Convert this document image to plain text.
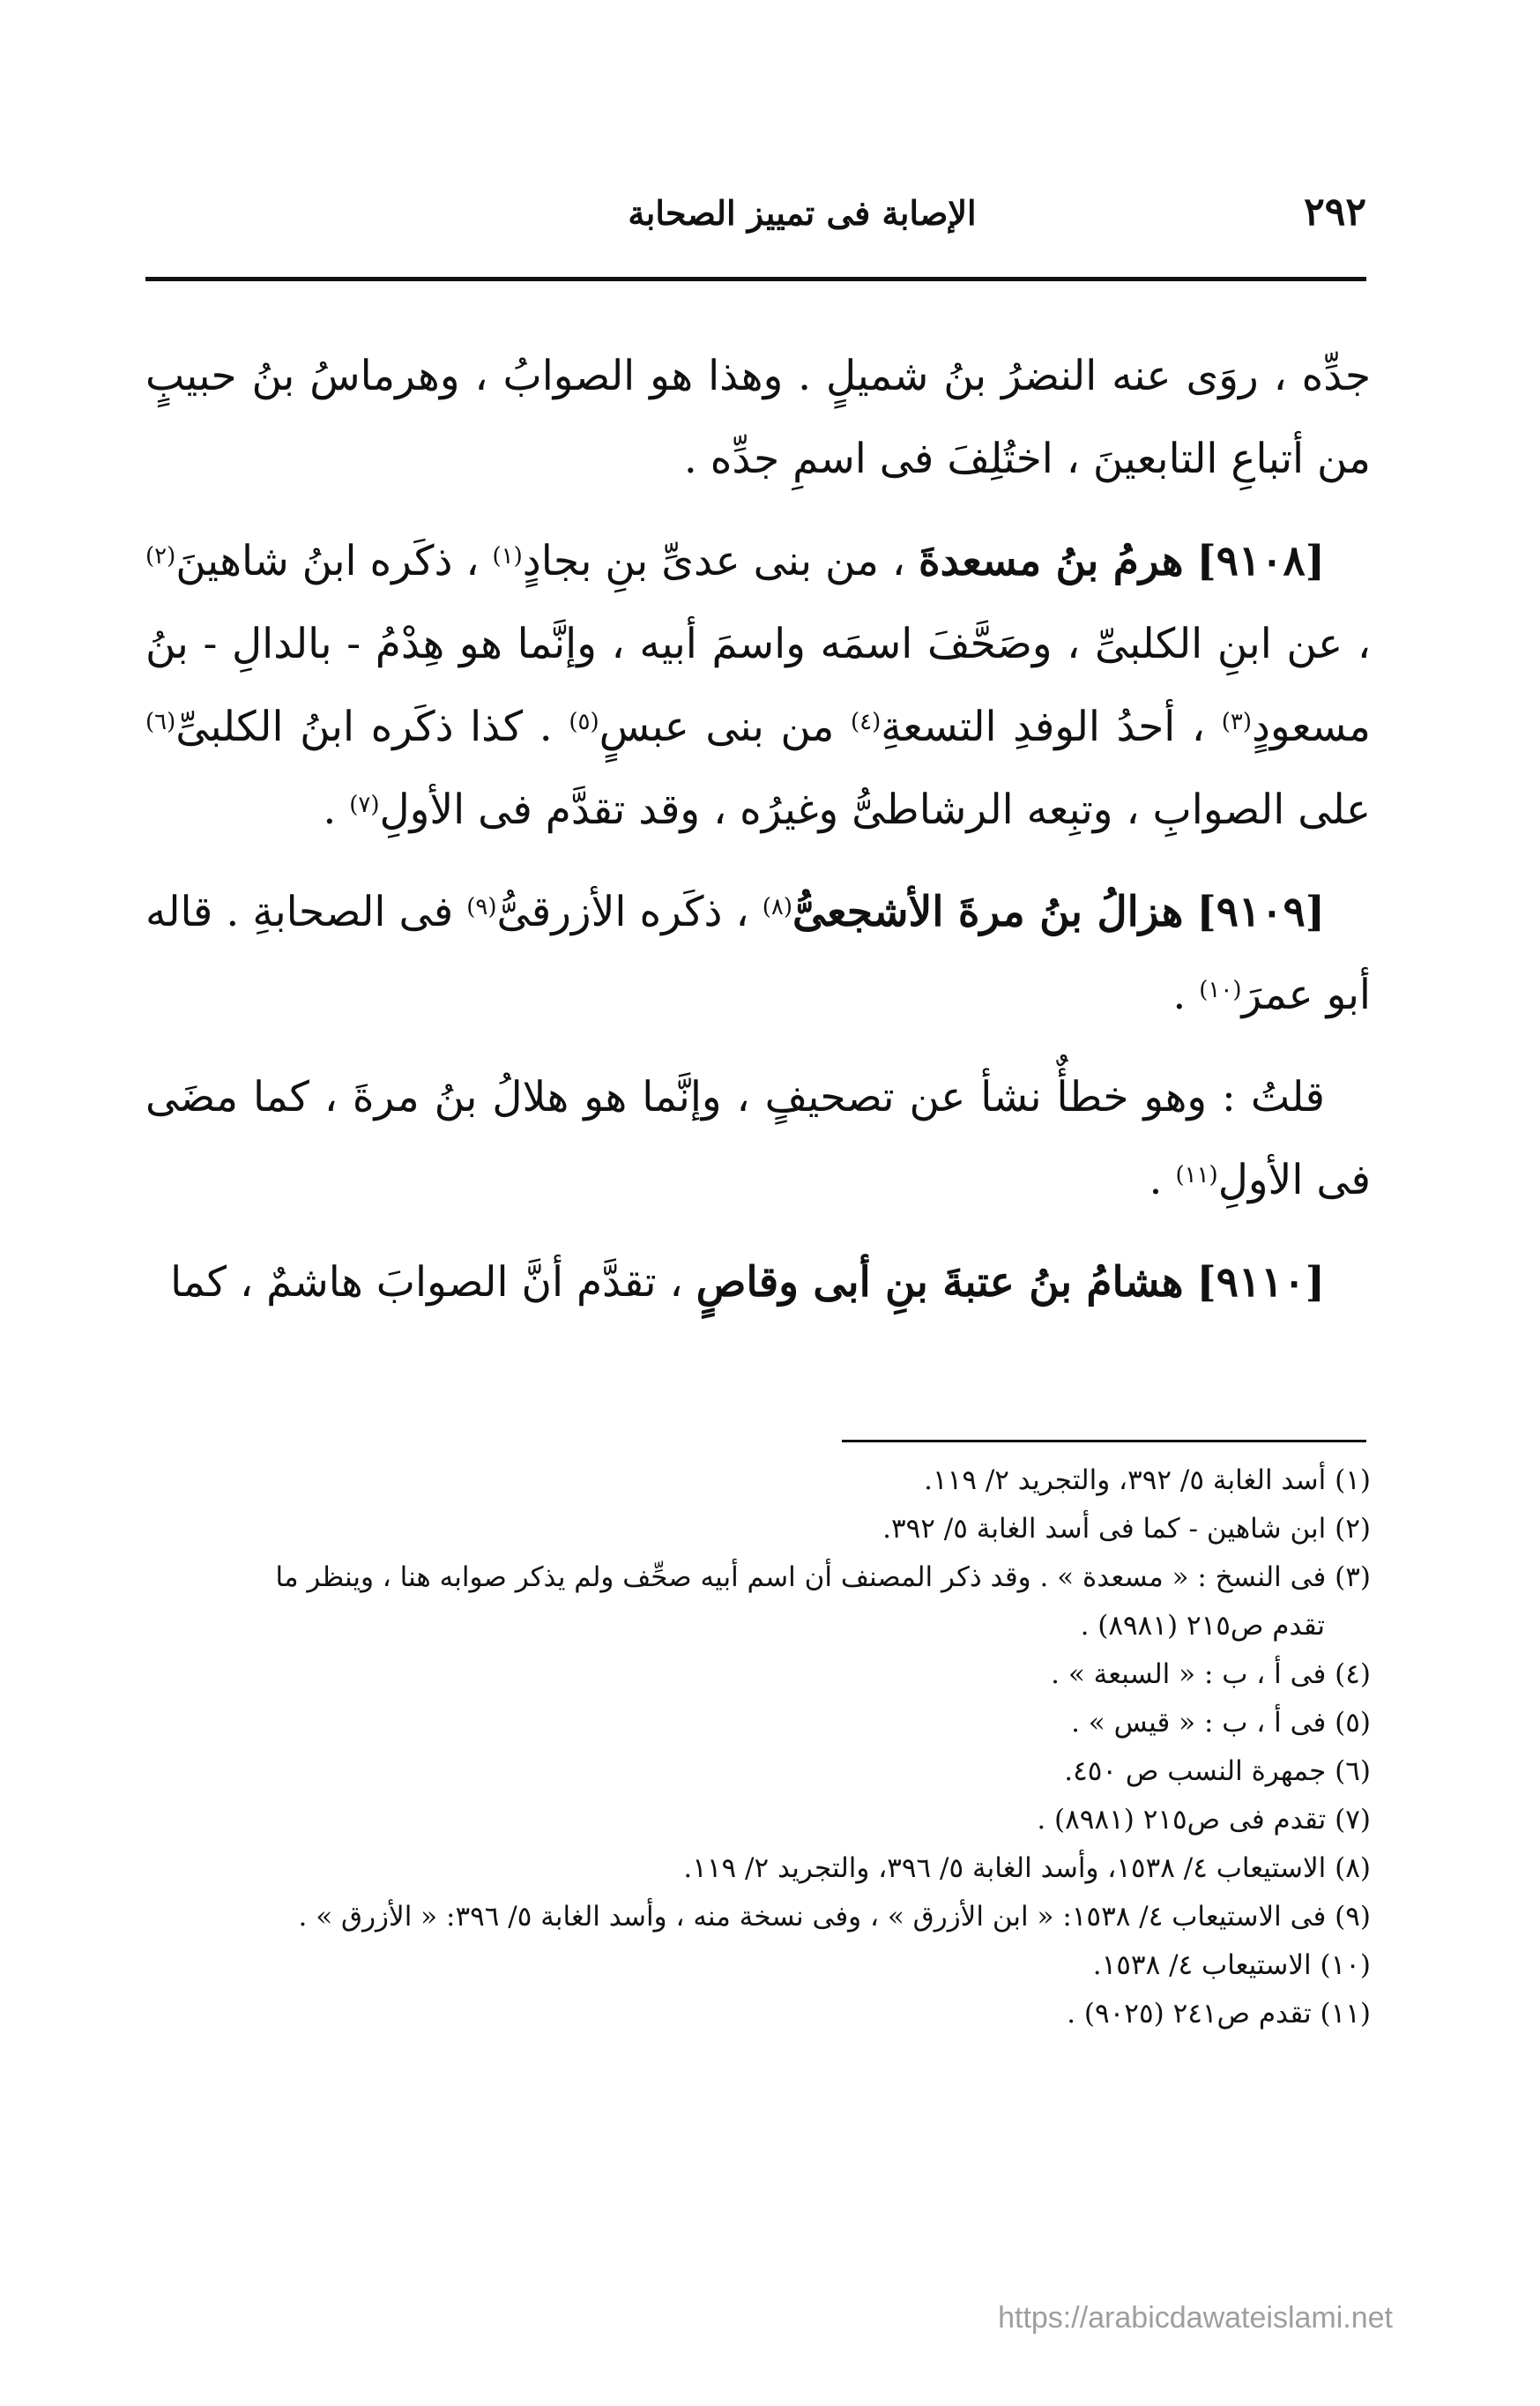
٢٩٢
الإصابة فى تمييز الصحابة

جدِّه ، روَى عنه النضرُ بنُ شميلٍ . وهذا هو الصوابُ ، وهرماسُ بنُ حبيبٍ من أتباعِ التابعينَ ، اختُلِفَ فى اسمِ جدِّه .

[٩١٠٨] هرمُ بنُ مسعدةَ ، من بنى عدىِّ بنِ بجادٍ$^{(١)}$ ، ذكَره ابنُ شاهينَ$^{(٢)}$ ، عن ابنِ الكلبىِّ ، وصَحَّفَ اسمَه واسمَ أبيه ، وإنَّما هو هِدْمُ - بالدالِ - بنُ مسعودٍ$^{(٣)}$ ، أحدُ الوفدِ التسعةِ$^{(٤)}$ من بنى عبسٍ$^{(٥)}$ . كذا ذكَره ابنُ الكلبىِّ$^{(٦)}$ على الصوابِ ، وتبِعه الرشاطىُّ وغيرُه ، وقد تقدَّم فى الأولِ$^{(٧)}$ .

[٩١٠٩] هزالُ بنُ مرةَ الأشجعىُّ$^{(٨)}$ ، ذكَره الأزرقىُّ$^{(٩)}$ فى الصحابةِ . قاله أبو عمرَ$^{(١٠)}$ .

قلتُ : وهو خطأٌ نشأ عن تصحيفٍ ، وإنَّما هو هلالُ بنُ مرةَ ، كما مضَى فى الأولِ$^{(١١)}$ .

[٩١١٠] هشامُ بنُ عتبةَ بنِ أبى وقاصٍ ، تقدَّم أنَّ الصوابَ هاشمٌ ، كما

(١) أسد الغابة ٥/ ٣٩٢، والتجريد ٢/ ١١٩.

(٢) ابن شاهين - كما فى أسد الغابة ٥/ ٣٩٢.

(٣) فى النسخ : « مسعدة » . وقد ذكر المصنف أن اسم أبيه صحِّف ولم يذكر صوابه هنا ، وينظر ما

تقدم ص٢١٥ (٨٩٨١) .

(٤) فى أ ، ب : « السبعة » .

(٥) فى أ ، ب : « قيس » .

(٦) جمهرة النسب ص ٤٥٠.

(٧) تقدم فى ص٢١٥ (٨٩٨١) .

(٨) الاستيعاب ٤/ ١٥٣٨، وأسد الغابة ٥/ ٣٩٦، والتجريد ٢/ ١١٩.

(٩) فى الاستيعاب ٤/ ١٥٣٨: « ابن الأزرق » ، وفى نسخة منه ، وأسد الغابة ٥/ ٣٩٦: « الأزرق » .

(١٠) الاستيعاب ٤/ ١٥٣٨.

(١١) تقدم ص٢٤١ (٩٠٢٥) .

https://arabicdawateislami.net
